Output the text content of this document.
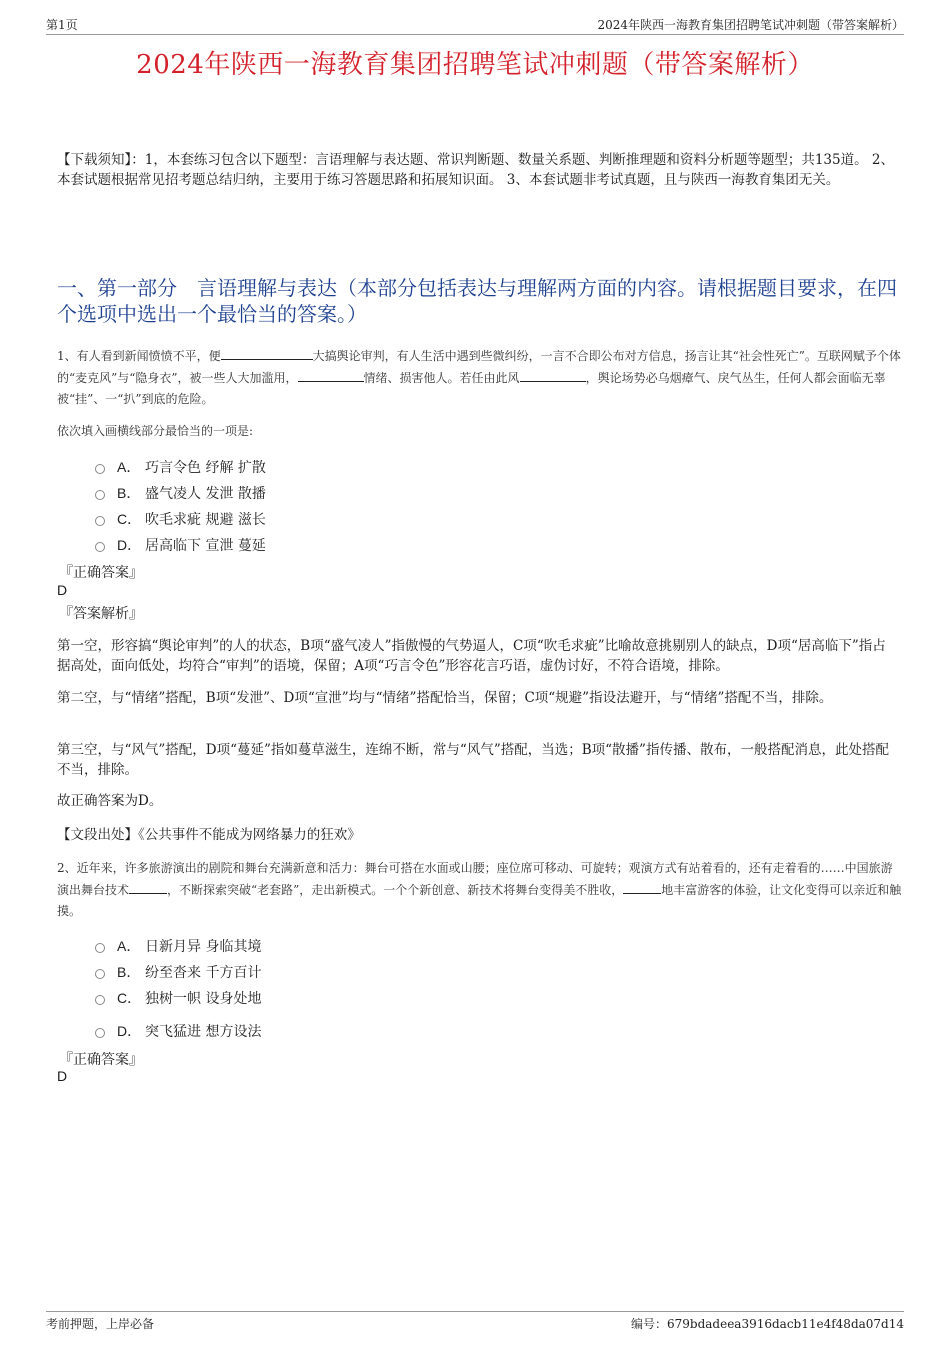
第1页	2024年陕西一海教育集团招聘笔试冲刺题（带答案解析）
2024年陕西一海教育集团招聘笔试冲刺题（带答案解析）
【下载须知】：1，本套练习包含以下题型：言语理解与表达题、常识判断题、数量关系题、判断推理题和资料分析题等题型；共135道。 2、本套试题根据常见招考题总结归纳，主要用于练习答题思路和拓展知识面。 3、本套试题非考试真题，且与陕西一海教育集团无关。
一、第一部分　言语理解与表达（本部分包括表达与理解两方面的内容。请根据题目要求，在四个选项中选出一个最恰当的答案。）
1、有人看到新闻愤愤不平，便	大搞舆论审判，有人生活中遇到些微纠纷，一言不合即公布对方信息，扬言让其“社会性死亡”。互联网赋予个体的“麦克风”与“隐身衣”，被一些人大加滥用，	情绪、损害他人。若任由此风	，舆论场势必乌烟瘴气、戾气丛生，任何人都会面临无辜被“挂”、一“扒”到底的危险。
依次填入画横线部分最恰当的一项是:
A． 巧言令色 纾解 扩散
B． 盛气凌人 发泄 散播
C． 吹毛求疵 规避 滋长
D． 居高临下 宣泄 蔓延
『正确答案』
D
『答案解析』
第一空，形容搞“舆论审判”的人的状态，B项“盛气凌人”指傲慢的气势逼人，C项“吹毛求疵”比喻故意挑剔别人的缺点，D项“居高临下”指占据高处，面向低处，均符合“审判”的语境，保留；A项“巧言令色”形容花言巧语，虚伪讨好，不符合语境，排除。
第二空，与“情绪”搭配，B项“发泄”、D项“宣泄”均与“情绪”搭配恰当，保留；C项“规避”指设法避开，与“情绪”搭配不当，排除。
第三空，与“风气”搭配，D项“蔓延”指如蔓草滋生，连绵不断，常与“风气”搭配，当选；B项“散播”指传播、散布，一般搭配消息，此处搭配不当，排除。
故正确答案为D。
【文段出处】《公共事件不能成为网络暴力的狂欢》
2、近年来，许多旅游演出的剧院和舞台充满新意和活力：舞台可搭在水面或山腰；座位席可移动、可旋转；观演方式有站着看的，还有走着看的……中国旅游演出舞台技术	，不断探索突破“老套路”，走出新模式。一个个新创意、新技术将舞台变得美不胜收，	地丰富游客的体验，让文化变得可以亲近和触摸。
A． 日新月异 身临其境
B． 纷至沓来 千方百计
C． 独树一帜 设身处地
D． 突飞猛进 想方设法
『正确答案』
D
考前押题，上岸必备	编号：679bdadeea3916dacb11e4f48da07d14
